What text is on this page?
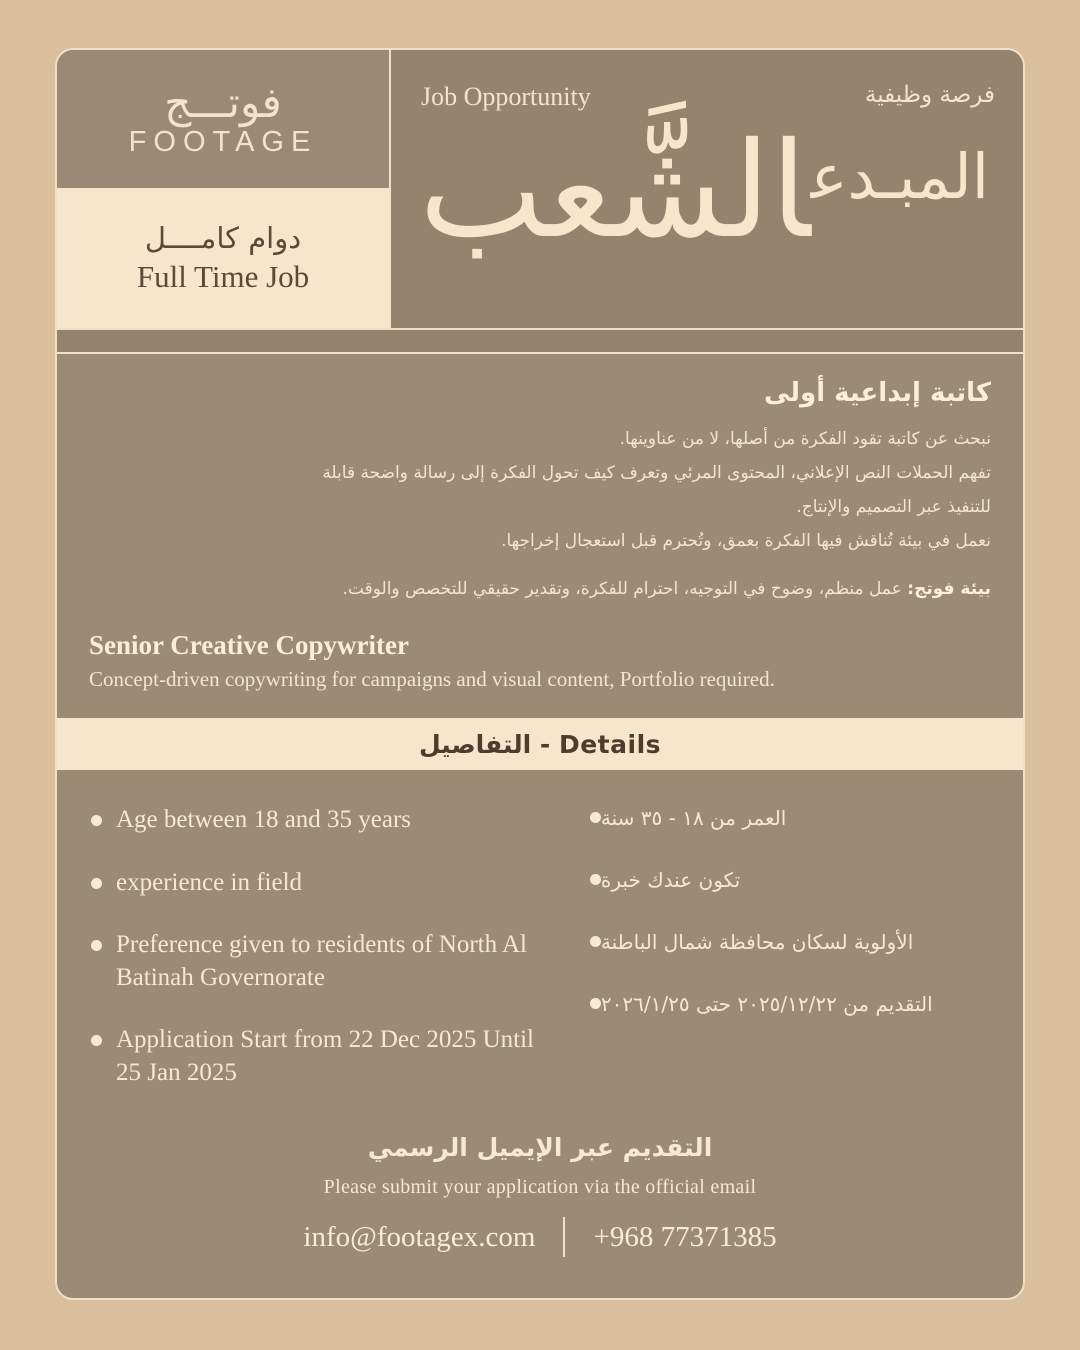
فوتـــج
FOOTAGE
دوام كامــــل
Full Time Job
Job Opportunity	فرصة وظيفية
$^{المبـدع}$الشَّعب
كاتبة إبداعية أولى
نبحث عن كاتبة تقود الفكرة من أصلها، لا من عناوينها.
تفهم الحملات النص الإعلاني، المحتوى المرئي وتعرف كيف تحول الفكرة إلى رسالة واضحة قابلة
للتنفيذ عبر التصميم والإنتاج.
نعمل في بيئة تُناقش فيها الفكرة بعمق، وتُحترم قبل استعجال إخراجها.
بيئة فوتج: عمل منظم، وضوح في التوجيه، احترام للفكرة، وتقدير حقيقي للتخصص والوقت.
Senior Creative Copywriter
Concept-driven copywriting for campaigns and visual content, Portfolio required.
التفاصيل - Details
Age between 18 and 35 years
experience in field
Preference given to residents of North Al Batinah Governorate
Application Start from 22 Dec 2025 Until 25 Jan 2025
العمر من ١٨ - ٣٥ سنة
تكون عندك خبرة
الأولوية لسكان محافظة شمال الباطنة
التقديم من ٢٠٢٥/١٢/٢٢ حتى ٢٠٢٦/١/٢٥
التقديم عبر الإيميل الرسمي
Please submit your application via the official email
info@footagex.com +968 77371385
